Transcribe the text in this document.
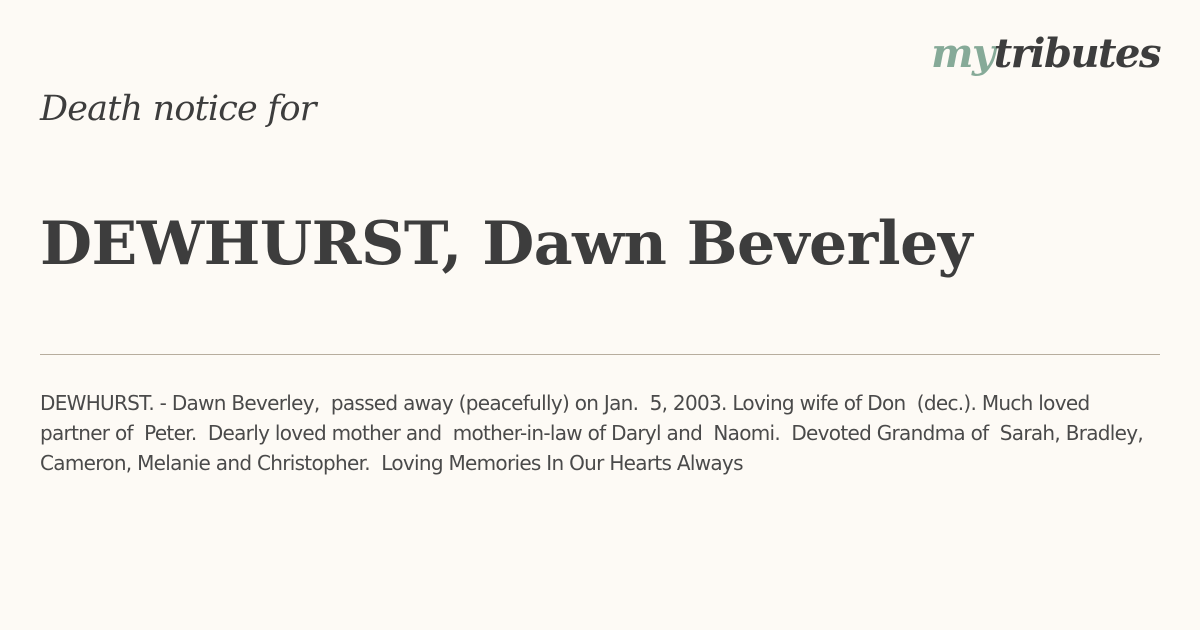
mytributes
Death notice for
DEWHURST, Dawn Beverley
DEWHURST. - Dawn Beverley,  passed away (peacefully) on Jan.  5, 2003. Loving wife of Don  (dec.). Much loved partner of  Peter.  Dearly loved mother and  mother-in-law of Daryl and  Naomi.  Devoted Grandma of  Sarah, Bradley, Cameron, Melanie and Christopher.  Loving Memories In Our Hearts Always
